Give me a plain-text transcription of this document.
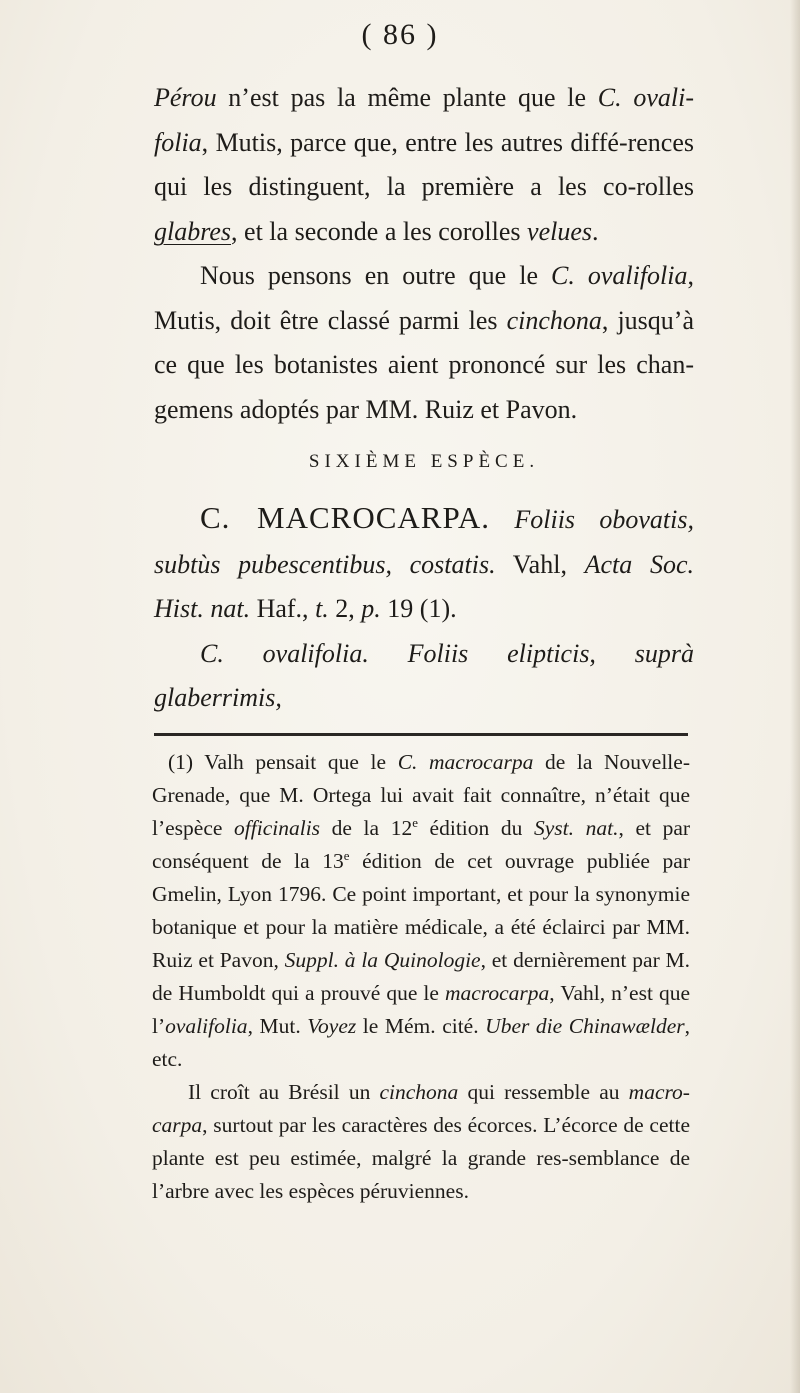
( 86 )

Pérou n’est pas la même plante que le C. ovali-folia, Mutis, parce que, entre les autres diffé-rences qui les distinguent, la première a les co-rolles glabres, et la seconde a les corolles velues.

Nous pensons en outre que le C. ovalifolia, Mutis, doit être classé parmi les cinchona, jusqu’à ce que les botanistes aient prononcé sur les chan-gemens adoptés par MM. Ruiz et Pavon.

SIXIÈME ESPÈCE.

C. MACROCARPA. Foliis obovatis, subtùs pubescentibus, costatis. Vahl, Acta Soc. Hist. nat. Haf., t. 2, p. 19 (1).

C. ovalifolia. Foliis elipticis, suprà glaberrimis,

(1) Valh pensait que le C. macrocarpa de la Nouvelle-Grenade, que M. Ortega lui avait fait connaître, n’était que l’espèce officinalis de la 12e édition du Syst. nat., et par conséquent de la 13e édition de cet ouvrage publiée par Gmelin, Lyon 1796. Ce point important, et pour la synonymie botanique et pour la matière médicale, a été éclairci par MM. Ruiz et Pavon, Suppl. à la Quinologie, et dernièrement par M. de Humboldt qui a prouvé que le macrocarpa, Vahl, n’est que l’ovalifolia, Mut. Voyez le Mém. cité. Uber die Chinawælder, etc.

Il croît au Brésil un cinchona qui ressemble au macro-carpa, surtout par les caractères des écorces. L’écorce de cette plante est peu estimée, malgré la grande res-semblance de l’arbre avec les espèces péruviennes.
